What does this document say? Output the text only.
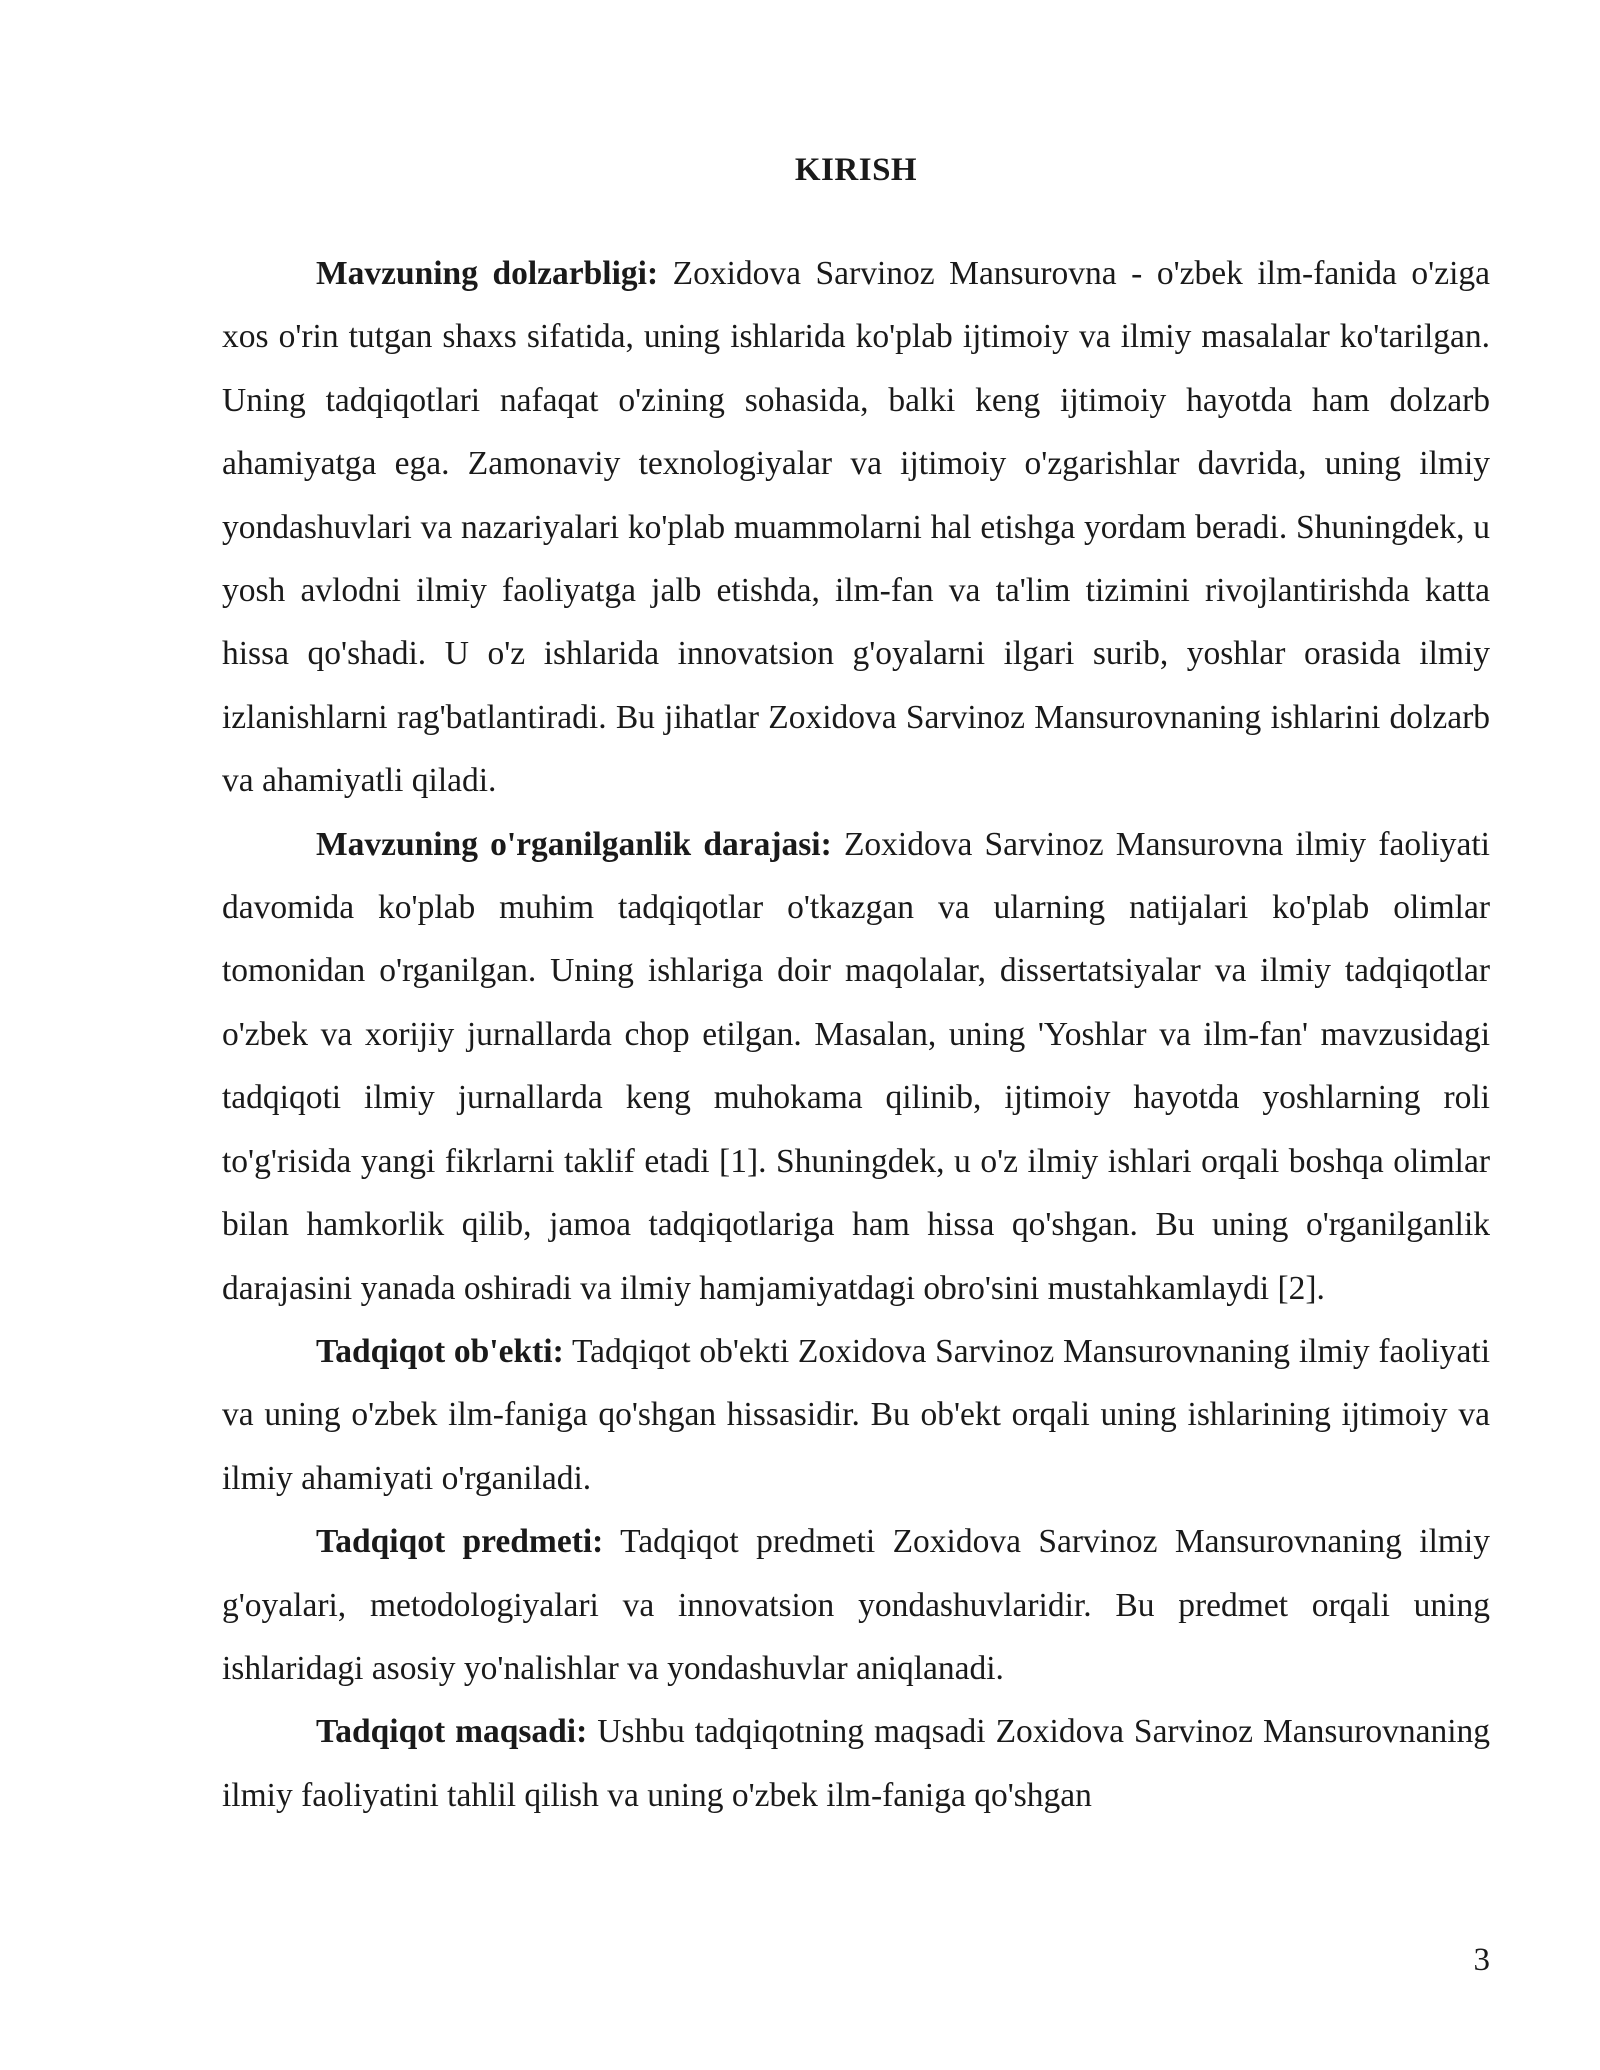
KIRISH

Mavzuning dolzarbligi: Zoxidova Sarvinoz Mansurovna - o'zbek ilm-fanida o'ziga xos o'rin tutgan shaxs sifatida, uning ishlarida ko'plab ijtimoiy va ilmiy masalalar ko'tarilgan. Uning tadqiqotlari nafaqat o'zining sohasida, balki keng ijtimoiy hayotda ham dolzarb ahamiyatga ega. Zamonaviy texnologiyalar va ijtimoiy o'zgarishlar davrida, uning ilmiy yondashuvlari va nazariyalari ko'plab muammolarni hal etishga yordam beradi. Shuningdek, u yosh avlodni ilmiy faoliyatga jalb etishda, ilm-fan va ta'lim tizimini rivojlantirishda katta hissa qo'shadi. U o'z ishlarida innovatsion g'oyalarni ilgari surib, yoshlar orasida ilmiy izlanishlarni rag'batlantiradi. Bu jihatlar Zoxidova Sarvinoz Mansurovnaning ishlarini dolzarb va ahamiyatli qiladi.

Mavzuning o'rganilganlik darajasi: Zoxidova Sarvinoz Mansurovna ilmiy faoliyati davomida ko'plab muhim tadqiqotlar o'tkazgan va ularning natijalari ko'plab olimlar tomonidan o'rganilgan. Uning ishlariga doir maqolalar, dissertatsiyalar va ilmiy tadqiqotlar o'zbek va xorijiy jurnallarda chop etilgan. Masalan, uning 'Yoshlar va ilm-fan' mavzusidagi tadqiqoti ilmiy jurnallarda keng muhokama qilinib, ijtimoiy hayotda yoshlarning roli to'g'risida yangi fikrlarni taklif etadi [1]. Shuningdek, u o'z ilmiy ishlari orqali boshqa olimlar bilan hamkorlik qilib, jamoa tadqiqotlariga ham hissa qo'shgan. Bu uning o'rganilganlik darajasini yanada oshiradi va ilmiy hamjamiyatdagi obro'sini mustahkamlaydi [2].

Tadqiqot ob'ekti: Tadqiqot ob'ekti Zoxidova Sarvinoz Mansurovnaning ilmiy faoliyati va uning o'zbek ilm-faniga qo'shgan hissasidir. Bu ob'ekt orqali uning ishlarining ijtimoiy va ilmiy ahamiyati o'rganiladi.

Tadqiqot predmeti: Tadqiqot predmeti Zoxidova Sarvinoz Mansurovnaning ilmiy g'oyalari, metodologiyalari va innovatsion yondashuvlaridir. Bu predmet orqali uning ishlaridagi asosiy yo'nalishlar va yondashuvlar aniqlanadi.

Tadqiqot maqsadi: Ushbu tadqiqotning maqsadi Zoxidova Sarvinoz Mansurovnaning ilmiy faoliyatini tahlil qilish va uning o'zbek ilm-faniga qo'shgan

3
